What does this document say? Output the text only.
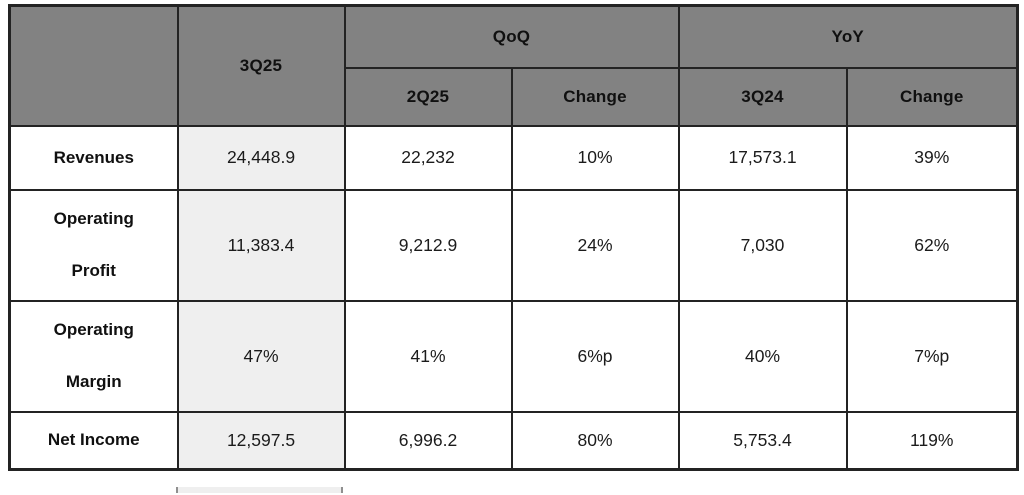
	3Q25	QoQ		YoY	
		2Q25	Change	3Q24	Change

Revenues	24,448.9	22,232	10%	17,573.1	39%

Operating Profit	11,383.4	9,212.9	24%	7,030	62%

Operating Margin	47%	41%	6%p	40%	7%p

Net Income	12,597.5	6,996.2	80%	5,753.4	119%
